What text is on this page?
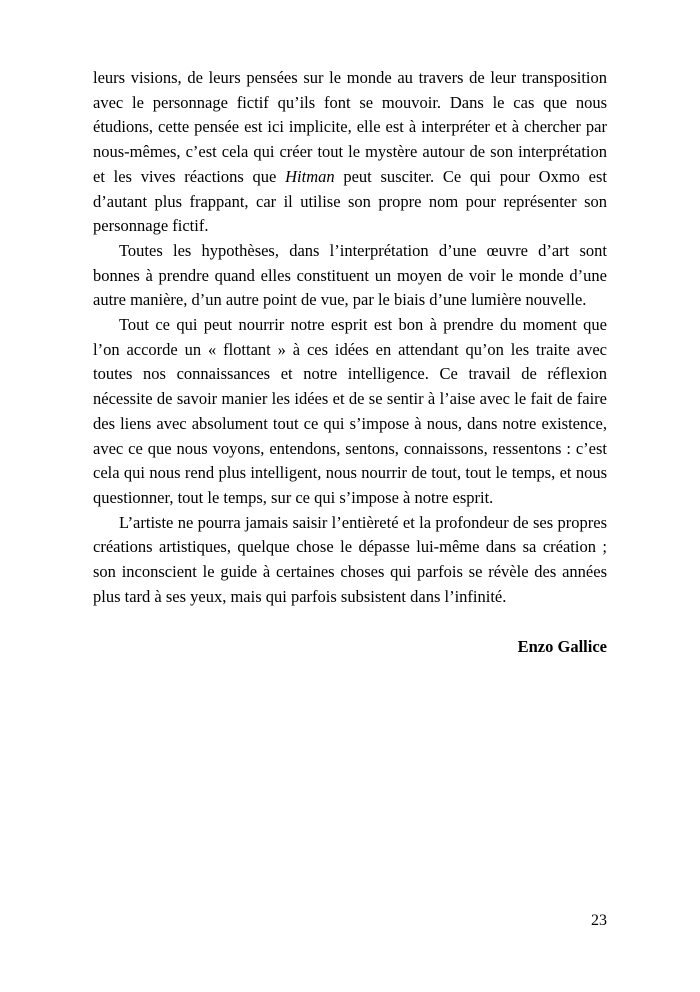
leurs visions, de leurs pensées sur le monde au travers de leur transposition avec le personnage fictif qu’ils font se mouvoir. Dans le cas que nous étudions, cette pensée est ici implicite, elle est à interpréter et à chercher par nous-mêmes, c’est cela qui créer tout le mystère autour de son interprétation et les vives réactions que Hitman peut susciter. Ce qui pour Oxmo est d’autant plus frappant, car il utilise son propre nom pour représenter son personnage fictif.

Toutes les hypothèses, dans l’interprétation d’une œuvre d’art sont bonnes à prendre quand elles constituent un moyen de voir le monde d’une autre manière, d’un autre point de vue, par le biais d’une lumière nouvelle.

Tout ce qui peut nourrir notre esprit est bon à prendre du moment que l’on accorde un « flottant » à ces idées en attendant qu’on les traite avec toutes nos connaissances et notre intelligence. Ce travail de réflexion nécessite de savoir manier les idées et de se sentir à l’aise avec le fait de faire des liens avec absolument tout ce qui s’impose à nous, dans notre existence, avec ce que nous voyons, entendons, sentons, connaissons, ressentons : c’est cela qui nous rend plus intelligent, nous nourrir de tout, tout le temps, et nous questionner, tout le temps, sur ce qui s’impose à notre esprit.

L’artiste ne pourra jamais saisir l’entièreté et la profondeur de ses propres créations artistiques, quelque chose le dépasse lui-même dans sa création ; son inconscient le guide à certaines choses qui parfois se révèle des années plus tard à ses yeux, mais qui parfois subsistent dans l’infinité.

Enzo Gallice
23
